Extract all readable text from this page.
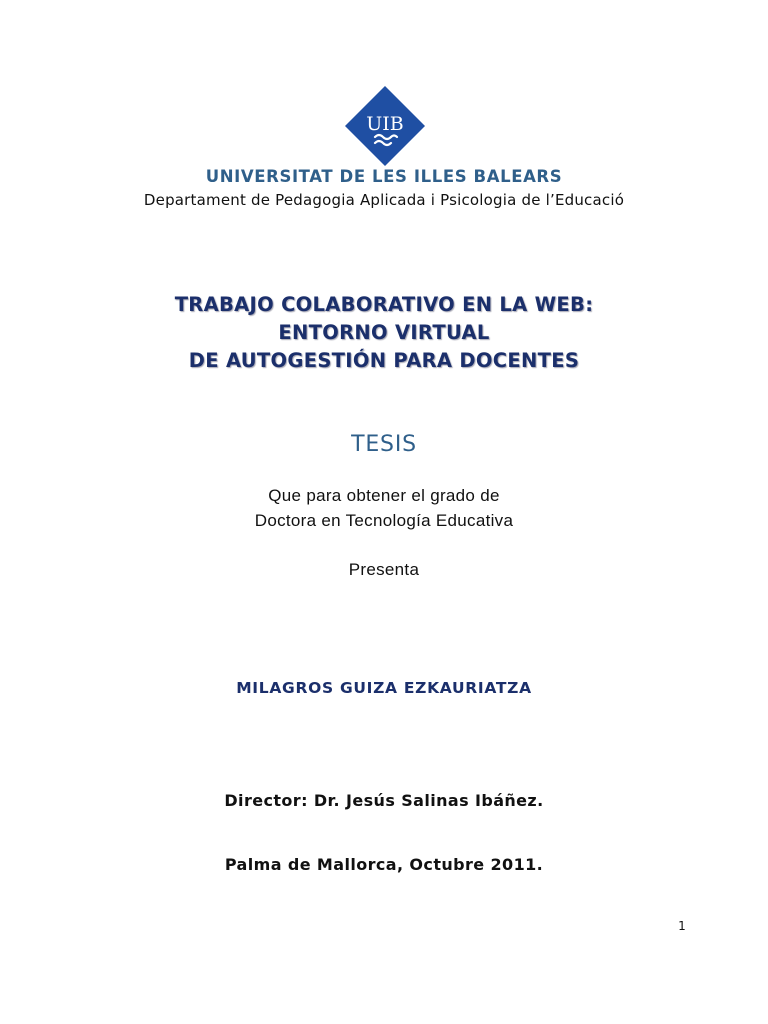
UIB
UNIVERSITAT DE LES ILLES BALEARS
Departament de Pedagogia Aplicada i Psicologia de l’Educació
TRABAJO COLABORATIVO EN LA WEB:
ENTORNO VIRTUAL
DE AUTOGESTIÓN PARA DOCENTES
TESIS
Que para obtener el grado de
Doctora en Tecnología Educativa
Presenta
MILAGROS GUIZA EZKAURIATZA
Director: Dr. Jesús Salinas Ibáñez.
Palma de Mallorca, Octubre 2011.
1
